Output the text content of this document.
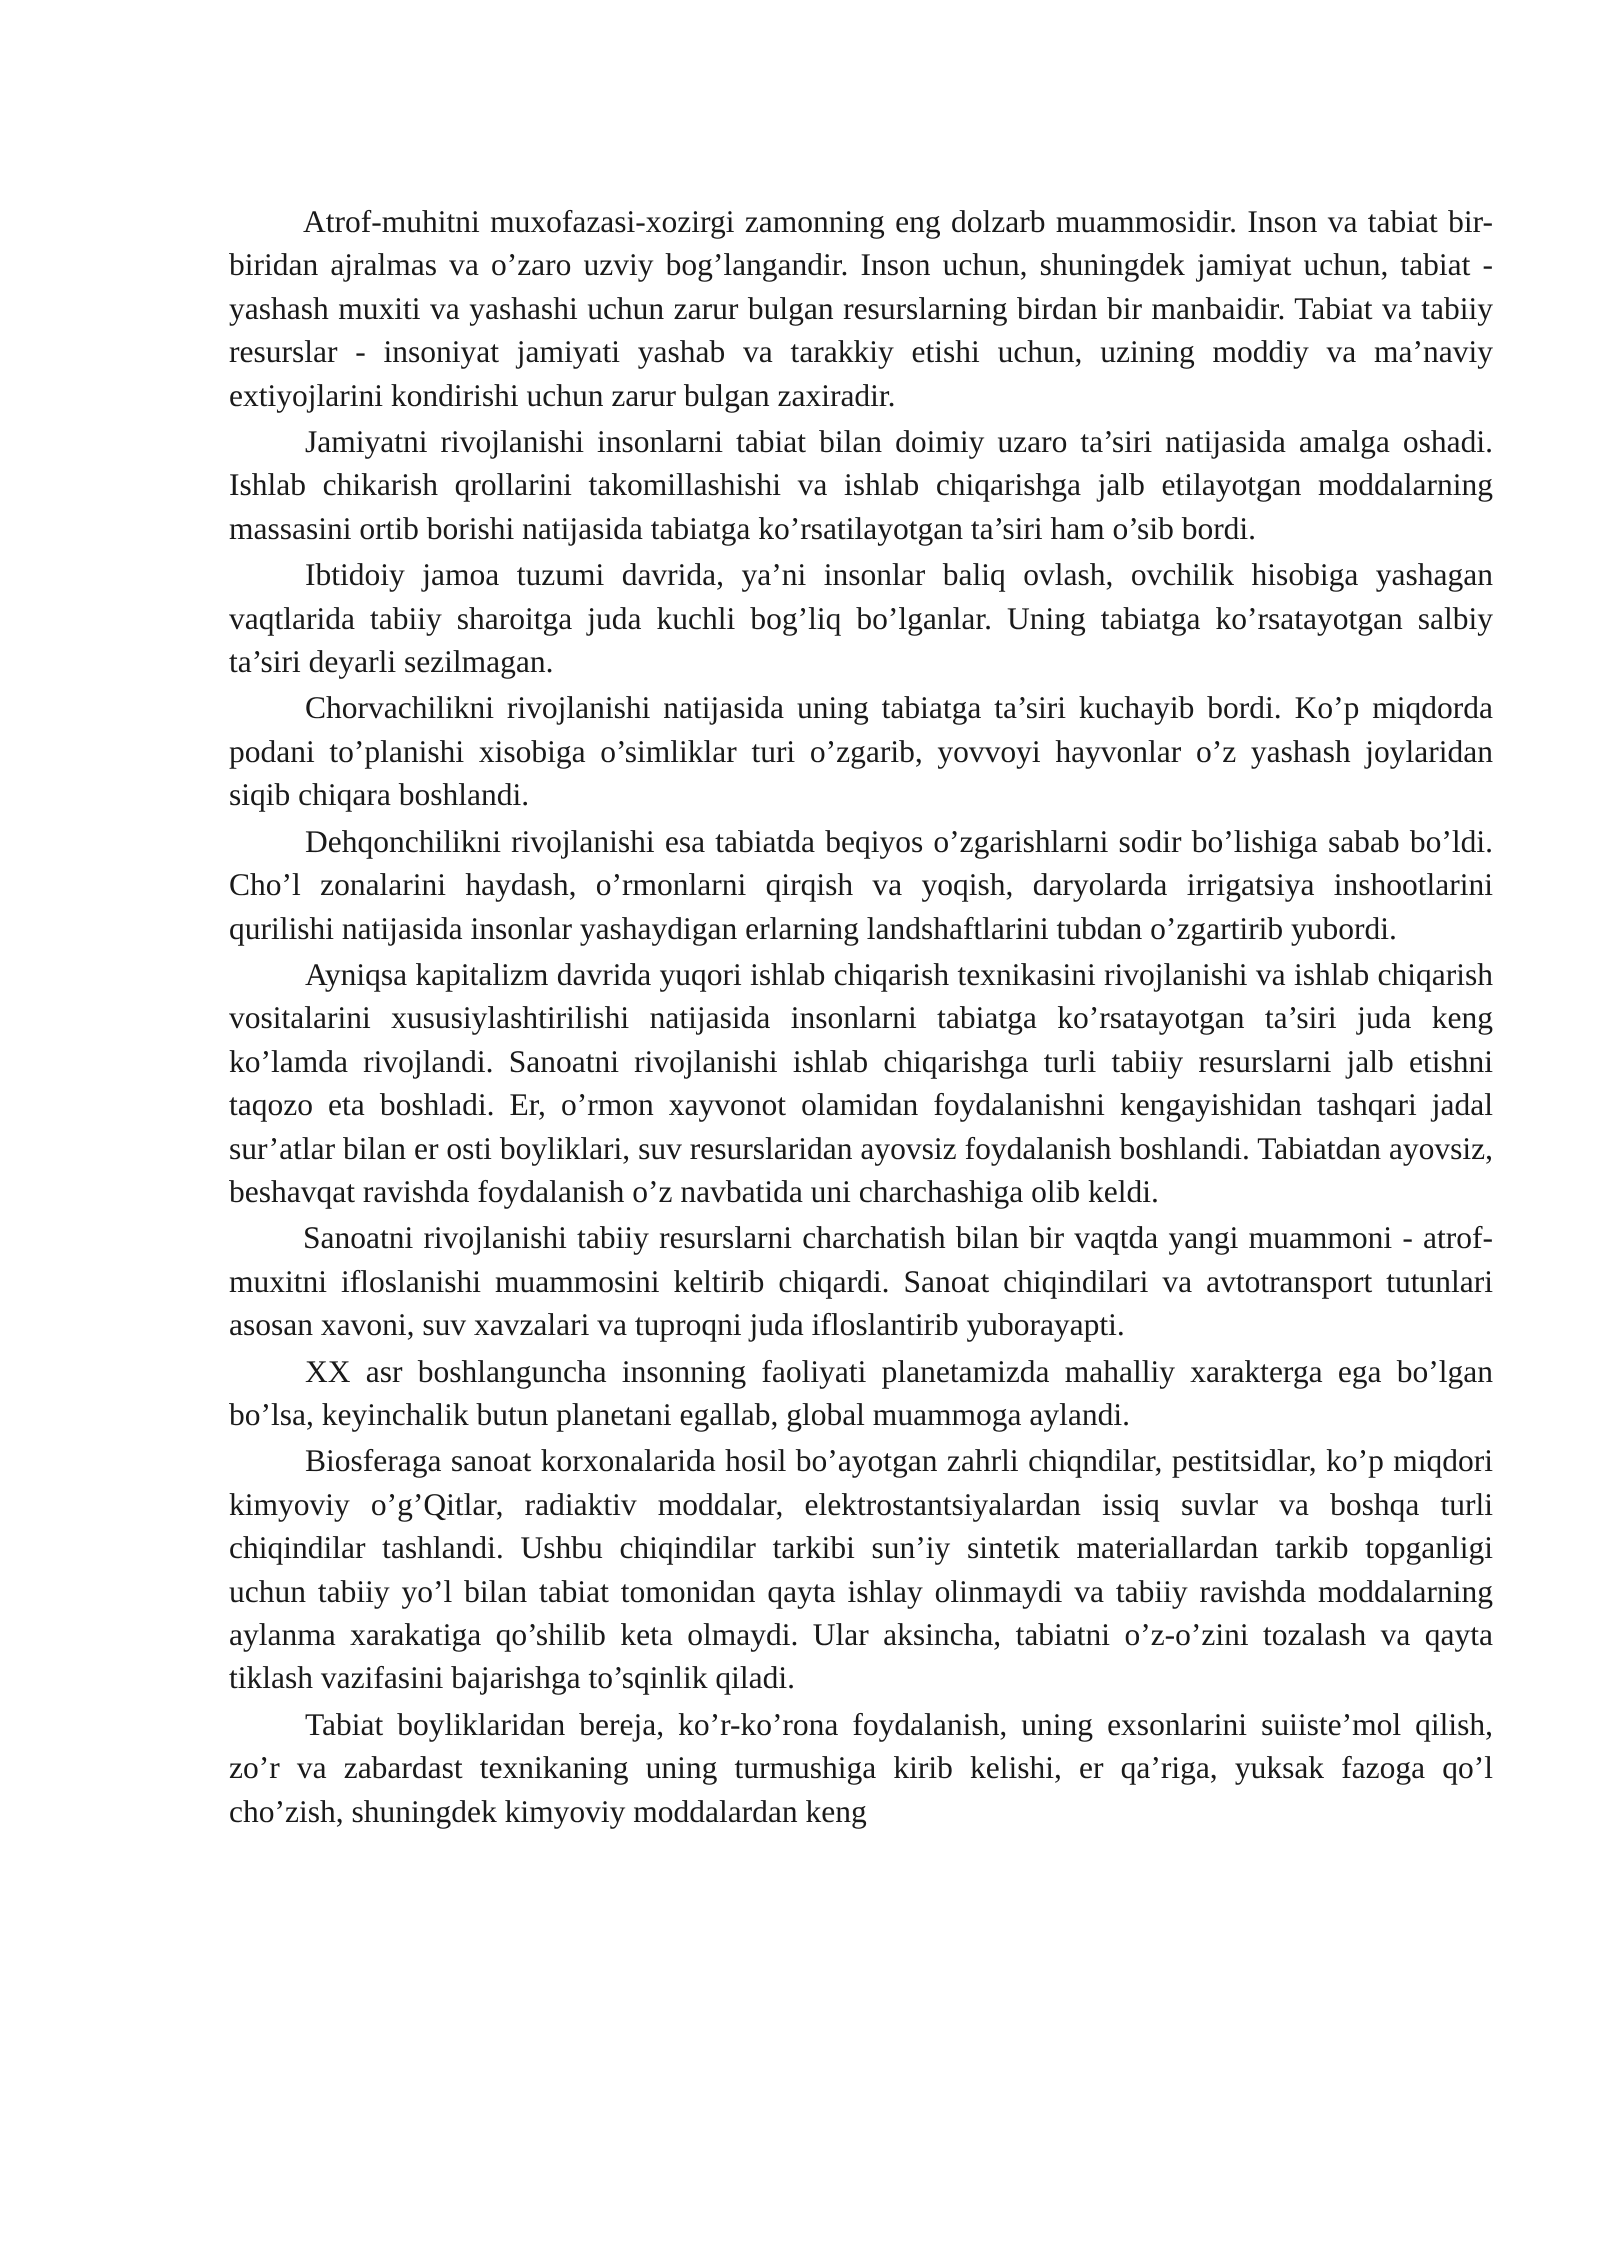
Atrof-muhitni muxofazasi-xozirgi zamonning eng dolzarb muammosidir. Inson va tabiat bir-biridan ajralmas va o’zaro uzviy bog’langandir. Inson uchun, shuningdek jamiyat uchun, tabiat - yashash muxiti va yashashi uchun zarur bulgan resurslarning birdan bir manbaidir. Tabiat va tabiiy resurslar - insoniyat jamiyati yashab va tarakkiy etishi uchun, uzining moddiy va ma’naviy extiyojlarini kondirishi uchun zarur bulgan zaxiradir.

Jamiyatni rivojlanishi insonlarni tabiat bilan doimiy uzaro ta’siri natijasida amalga oshadi. Ishlab chikarish qrollarini takomillashishi va ishlab chiqarishga jalb etilayotgan moddalarning massasini ortib borishi natijasida tabiatga ko’rsatilayotgan ta’siri ham o’sib bordi.

Ibtidoiy jamoa tuzumi davrida, ya’ni insonlar baliq ovlash, ovchilik hisobiga yashagan vaqtlarida tabiiy sharoitga juda kuchli bog’liq bo’lganlar. Uning tabiatga ko’rsatayotgan salbiy ta’siri deyarli sezilmagan.

Chorvachilikni rivojlanishi natijasida uning tabiatga ta’siri kuchayib bordi. Ko’p miqdorda podani to’planishi xisobiga o’simliklar turi o’zgarib, yovvoyi hayvonlar o’z yashash joylaridan siqib chiqara boshlandi.

Dehqonchilikni rivojlanishi esa tabiatda beqiyos o’zgarishlarni sodir bo’lishiga sabab bo’ldi. Cho’l zonalarini haydash, o’rmonlarni qirqish va yoqish, daryolarda irrigatsiya inshootlarini qurilishi natijasida insonlar yashaydigan erlarning landshaftlarini tubdan o’zgartirib yubordi.

Ayniqsa kapitalizm davrida yuqori ishlab chiqarish texnikasini rivojlanishi va ishlab chiqarish vositalarini xususiylashtirilishi natijasida insonlarni tabiatga ko’rsatayotgan ta’siri juda keng ko’lamda rivojlandi. Sanoatni rivojlanishi ishlab chiqarishga turli tabiiy resurslarni jalb etishni taqozo eta boshladi. Er, o’rmon xayvonot olamidan foydalanishni kengayishidan tashqari jadal sur’atlar bilan er osti boyliklari, suv resurslaridan ayovsiz foydalanish boshlandi. Tabiatdan ayovsiz, beshavqat ravishda foydalanish o’z navbatida uni charchashiga olib keldi.

Sanoatni rivojlanishi tabiiy resurslarni charchatish bilan bir vaqtda yangi muammoni - atrof- muxitni ifloslanishi muammosini keltirib chiqardi. Sanoat chiqindilari va avtotransport tutunlari asosan xavoni, suv xavzalari va tuproqni juda ifloslantirib yuborayapti.

XX asr boshlanguncha insonning faoliyati planetamizda mahalliy xarakterga ega bo’lgan bo’lsa, keyinchalik butun planetani egallab, global muammoga aylandi.

Biosferaga sanoat korxonalarida hosil bo’ayotgan zahrli chiqndilar, pestitsidlar, ko’p miqdori kimyoviy o’g’Qitlar, radiaktiv moddalar, elektrostantsiyalardan issiq suvlar va boshqa turli chiqindilar tashlandi. Ushbu chiqindilar tarkibi sun’iy sintetik materiallardan tarkib topganligi uchun tabiiy yo’l bilan tabiat tomonidan qayta ishlay olinmaydi va tabiiy ravishda moddalarning aylanma xarakatiga qo’shilib keta olmaydi. Ular aksincha, tabiatni o’z-o’zini tozalash va qayta tiklash vazifasini bajarishga to’sqinlik qiladi.

Tabiat boyliklaridan bereja, ko’r-ko’rona foydalanish, uning exsonlarini suiiste’mol qilish, zo’r va zabardast texnikaning uning turmushiga kirib kelishi, er qa’riga, yuksak fazoga qo’l cho’zish, shuningdek kimyoviy moddalardan keng
